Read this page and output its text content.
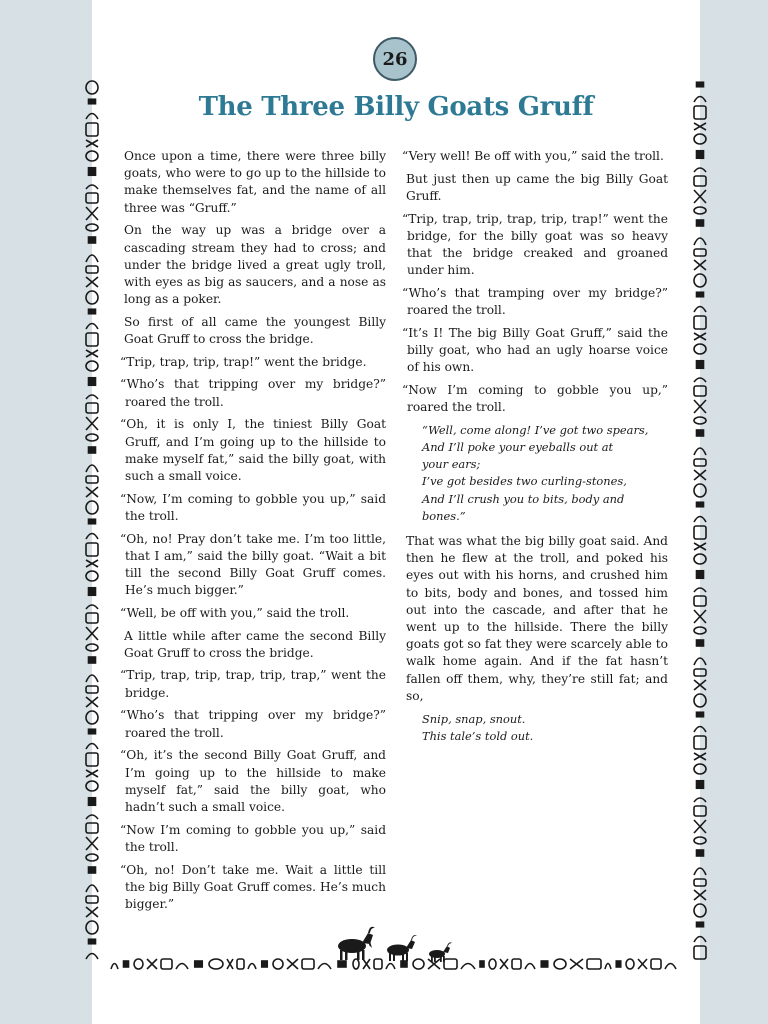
26
The Three Billy Goats Gruff

Once upon a time, there were three billy goats, who were to go up to the hillside to make themselves fat, and the name of all three was “Gruff.”

On the way up was a bridge over a cascading stream they had to cross; and under the bridge lived a great ugly troll, with eyes as big as saucers, and a nose as long as a poker.

So first of all came the youngest Billy Goat Gruff to cross the bridge.

“Trip, trap, trip, trap!” went the bridge.

“Who’s that tripping over my bridge?” roared the troll.

“Oh, it is only I, the tiniest Billy Goat Gruff, and I’m going up to the hillside to make myself fat,” said the billy goat, with such a small voice.

“Now, I’m coming to gobble you up,” said the troll.

“Oh, no! Pray don’t take me. I’m too little, that I am,” said the billy goat. “Wait a bit till the second Billy Goat Gruff comes. He’s much bigger.”

“Well, be off with you,” said the troll.

A little while after came the second Billy Goat Gruff to cross the bridge.

“Trip, trap, trip, trap, trip, trap,” went the bridge.

“Who’s that tripping over my bridge?” roared the troll.

“Oh, it’s the second Billy Goat Gruff, and I’m going up to the hillside to make myself fat,” said the billy goat, who hadn’t such a small voice.

“Now I’m coming to gobble you up,” said the troll.

“Oh, no! Don’t take me. Wait a little till the big Billy Goat Gruff comes. He’s much bigger.”

“Very well! Be off with you,” said the troll.

But just then up came the big Billy Goat Gruff.

“Trip, trap, trip, trap, trip, trap!” went the bridge, for the billy goat was so heavy that the bridge creaked and groaned under him.

“Who’s that tramping over my bridge?” roared the troll.

“It’s I! The big Billy Goat Gruff,” said the billy goat, who had an ugly hoarse voice of his own.

“Now I’m coming to gobble you up,” roared the troll.

“Well, come along! I’ve got two spears,
And I’ll poke your eyeballs out at
your ears;
I’ve got besides two curling-stones,
And I’ll crush you to bits, body and
bones.”

That was what the big billy goat said. And then he flew at the troll, and poked his eyes out with his horns, and crushed him to bits, body and bones, and tossed him out into the cascade, and after that he went up to the hillside. There the billy goats got so fat they were scarcely able to walk home again. And if the fat hasn’t fallen off them, why, they’re still fat; and so,

Snip, snap, snout.
This tale’s told out.
